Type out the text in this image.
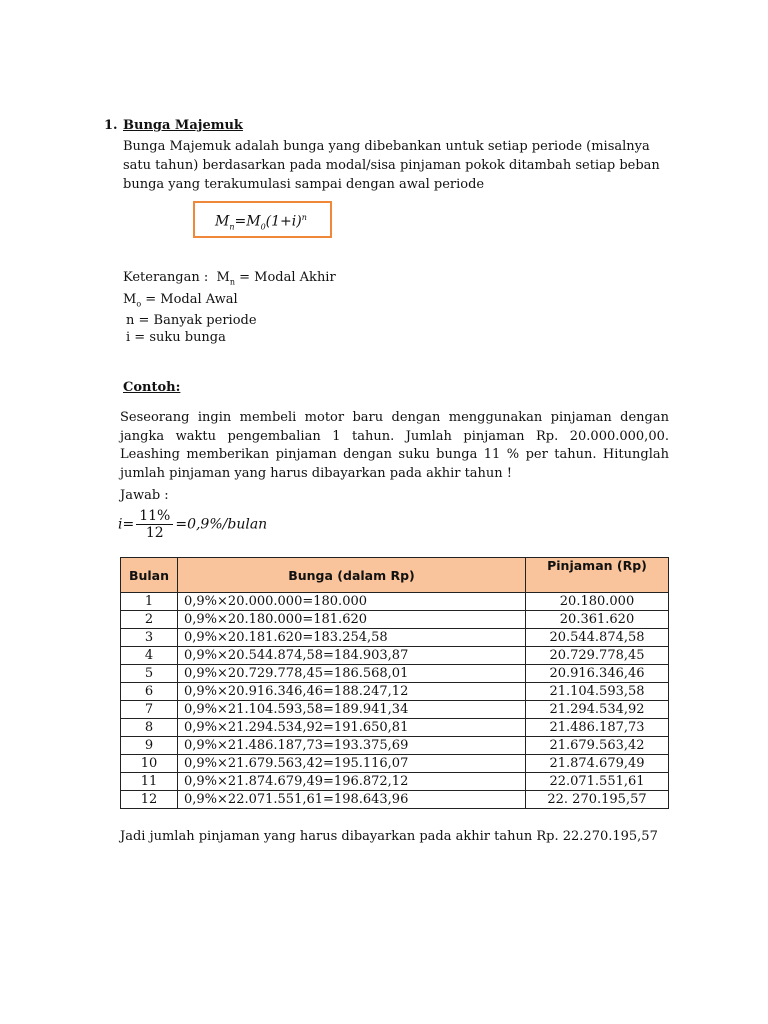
1. Bunga Majemuk
Bunga Majemuk adalah bunga yang dibebankan untuk setiap periode (misalnya satu tahun) berdasarkan pada modal/sisa pinjaman pokok ditambah setiap beban bunga yang terakumulasi sampai dengan awal periode
$M_n=M_0(1+i)^n$
Keterangan : $M_n$ = Modal Akhir
$M_o$ = Modal Awal
n = Banyak periode
i = suku bunga
Contoh:
Seseorang ingin membeli motor baru dengan menggunakan pinjaman dengan jangka waktu pengembalian 1 tahun. Jumlah pinjaman Rp. 20.000.000,00. Leashing memberikan pinjaman dengan suku bunga 11 % per tahun. Hitunglah jumlah pinjaman yang harus dibayarkan pada akhir tahun !
Jawab :
$i= \frac{11\%}{12}$ =0,9%/bulan
Bulan	Bunga (dalam Rp)	Pinjaman (Rp)
1	0,9%×20.000.000=180.000	20.180.000
2	0,9%×20.180.000=181.620	20.361.620
3	0,9%×20.181.620=183.254,58	20.544.874,58
4	0,9%×20.544.874,58=184.903,87	20.729.778,45
5	0,9%×20.729.778,45=186.568,01	20.916.346,46
6	0,9%×20.916.346,46=188.247,12	21.104.593,58
7	0,9%×21.104.593,58=189.941,34	21.294.534,92
8	0,9%×21.294.534,92=191.650,81	21.486.187,73
9	0,9%×21.486.187,73=193.375,69	21.679.563,42
10	0,9%×21.679.563,42=195.116,07	21.874.679,49
11	0,9%×21.874.679,49=196.872,12	22.071.551,61
12	0,9%×22.071.551,61=198.643,96	22. 270.195,57
Jadi jumlah pinjaman yang harus dibayarkan pada akhir tahun Rp. 22.270.195,57
